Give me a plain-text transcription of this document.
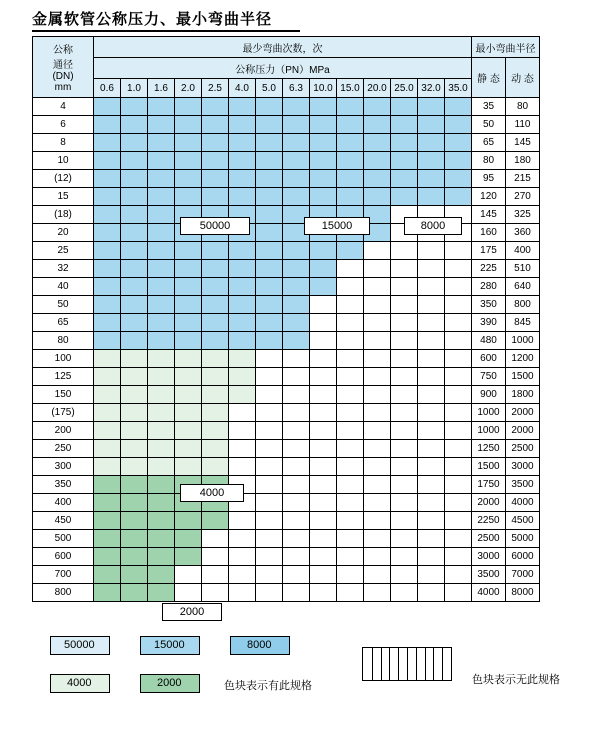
金属软管公称压力、最小弯曲半径
公称
通径
(DN)
mm	最少弯曲次数，次														最小弯曲半径	
	公称压力（PN）MPa														静 态	动 态
	0.6	1.0	1.6	2.0	2.5	4.0	5.0	6.3	10.0	15.0	20.0	25.0	32.0	35.0		
4															35	80
6															50	110
8															65	145
10															80	180
(12)															95	215
15															120	270
(18)															145	325
20															160	360
25															175	400
32															225	510
40															280	640
50															350	800
65															390	845
80															480	1000
100															600	1200
125															750	1500
150															900	1800
(175)															1000	2000
200															1000	2000
250															1250	2500
300															1500	3000
350															1750	3500
400															2000	4000
450															2250	4500
500															2500	5000
600															3000	6000
700															3500	7000
800															4000	8000
50000	15000	8000
4000
2000
50000	15000	8000
4000	2000	色块表示有此规格	色块表示无此规格
